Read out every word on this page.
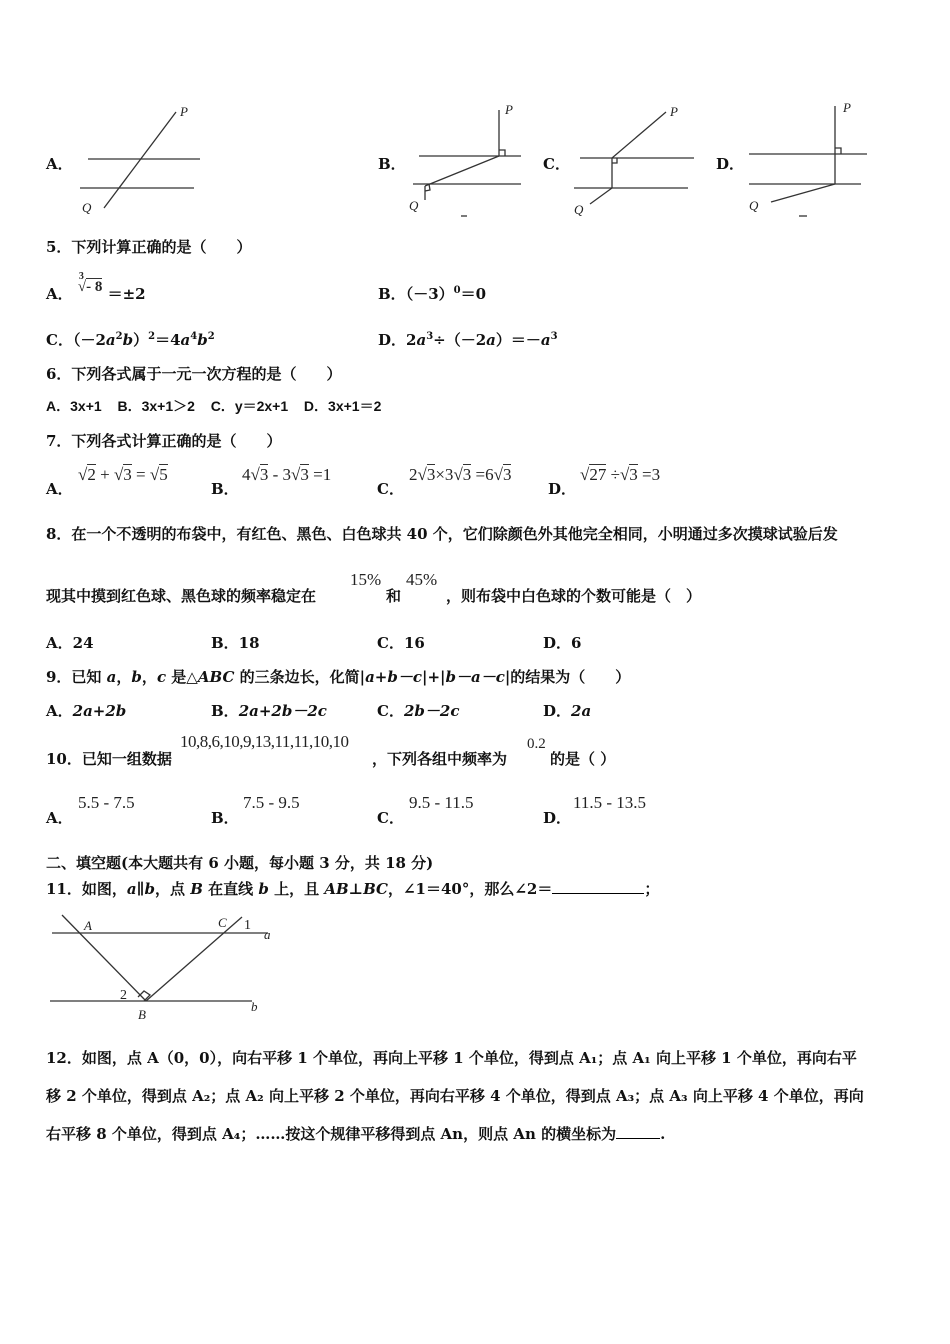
A．
P
Q
B．
P
Q
C．
P
Q
D．
P
Q
5．下列计算正确的是（　　）
A．
3
√- 8 ＝±2	B．$(-3)^0=0$
C．$(-2a^2b)^2=4a^4b^2$	D．$2a^3\div(-2a)=-a^3$
6．下列各式属于一元一次方程的是（　　）
A．3x+1 B．3x+1＞2 C．y＝2x+1 D．3x+1＝2
7．下列各式计算正确的是（　　）
A．
√2 + √3 = √5
B．
4√3 - 3√3 =1
C．
2√3×3√3 =6√3
D．
√27 ÷√3 =3
8．在一个不透明的布袋中，有红色、黑色、白色球共 40 个，它们除颜色外其他完全相同，小明通过多次摸球试验后发
现其中摸到红色球、黑色球的频率稳定在
15%
和
45%
，则布袋中白色球的个数可能是（　）
A．24	B．18	C．16	D．6
9．已知 a，b，c 是△ABC 的三条边长，化简|a+b－c|+|b－a－c|的结果为（　　）
A．2a+2b	B．2a+2b－2c	C．2b－2c	D．2a
10．已知一组数据
10,8,6,10,9,13,11,11,10,10
，下列各组中频率为
0.2
的是（ ）
A．
5.5 - 7.5
B．
7.5 - 9.5
C．
9.5 - 11.5
D．
11.5 - 13.5
二、填空题(本大题共有 6 小题，每小题 3 分，共 18 分)
11．如图，a∥b，点 B 在直线 b 上，且 AB⊥BC，∠1＝40°，那么∠2＝	；
A	C 1
a
2
B
b
12．如图，点 A（0，0），向右平移 1 个单位，再向上平移 1 个单位，得到点 A₁；点 A₁ 向上平移 1 个单位，再向右平
移 2 个单位，得到点 A₂；点 A₂ 向上平移 2 个单位，再向右平移 4 个单位，得到点 A₃；点 A₃ 向上平移 4 个单位，再向
右平移 8 个单位，得到点 A₄；……按这个规律平移得到点 An，则点 An 的横坐标为	.
